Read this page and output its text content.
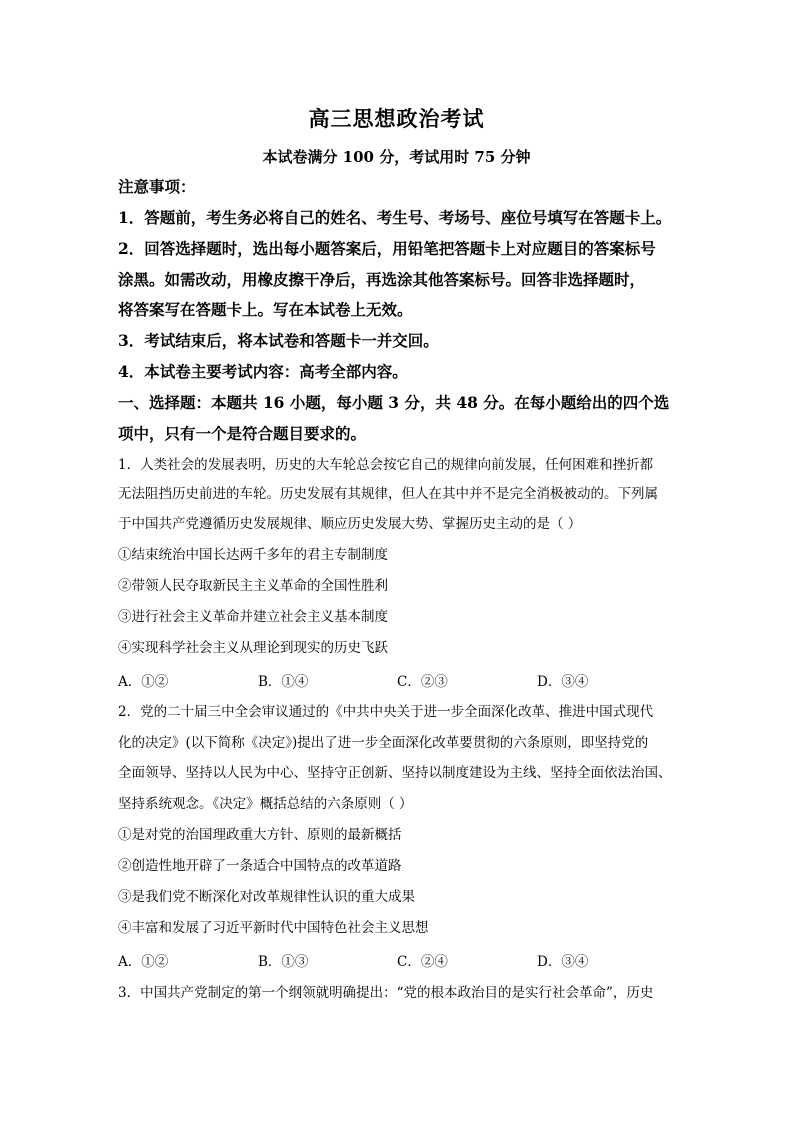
高三思想政治考试
本试卷满分 100 分，考试用时 75 分钟
注意事项：
1．答题前，考生务必将自己的姓名、考生号、考场号、座位号填写在答题卡上。
2．回答选择题时，选出每小题答案后，用铅笔把答题卡上对应题目的答案标号
涂黑。如需改动，用橡皮擦干净后，再选涂其他答案标号。回答非选择题时，
将答案写在答题卡上。写在本试卷上无效。
3．考试结束后，将本试卷和答题卡一并交回。
4．本试卷主要考试内容：高考全部内容。
一、选择题：本题共 16 小题，每小题 3 分，共 48 分。在每小题给出的四个选
项中，只有一个是符合题目要求的。
1．人类社会的发展表明，历史的大车轮总会按它自己的规律向前发展，任何困难和挫折都
无法阻挡历史前进的车轮。历史发展有其规律，但人在其中并不是完全消极被动的。下列属
于中国共产党遵循历史发展规律、顺应历史发展大势、掌握历史主动的是（ ）
①结束统治中国长达两千多年的君主专制制度
②带领人民夺取新民主主义革命的全国性胜利
③进行社会主义革命并建立社会主义基本制度
④实现科学社会主义从理论到现实的历史飞跃
A．①②	B．①④	C．②③	D．③④
2．党的二十届三中全会审议通过的《中共中央关于进一步全面深化改革、推进中国式现代
化的决定》(以下简称《决定》)提出了进一步全面深化改革要贯彻的六条原则，即坚持党的
全面领导、坚持以人民为中心、坚持守正创新、坚持以制度建设为主线、坚持全面依法治国、
坚持系统观念。《决定》概括总结的六条原则（ ）
①是对党的治国理政重大方针、原则的最新概括
②创造性地开辟了一条适合中国特点的改革道路
③是我们党不断深化对改革规律性认识的重大成果
④丰富和发展了习近平新时代中国特色社会主义思想
A．①②	B．①③	C．②④	D．③④
3．中国共产党制定的第一个纲领就明确提出：“党的根本政治目的是实行社会革命”，历史
